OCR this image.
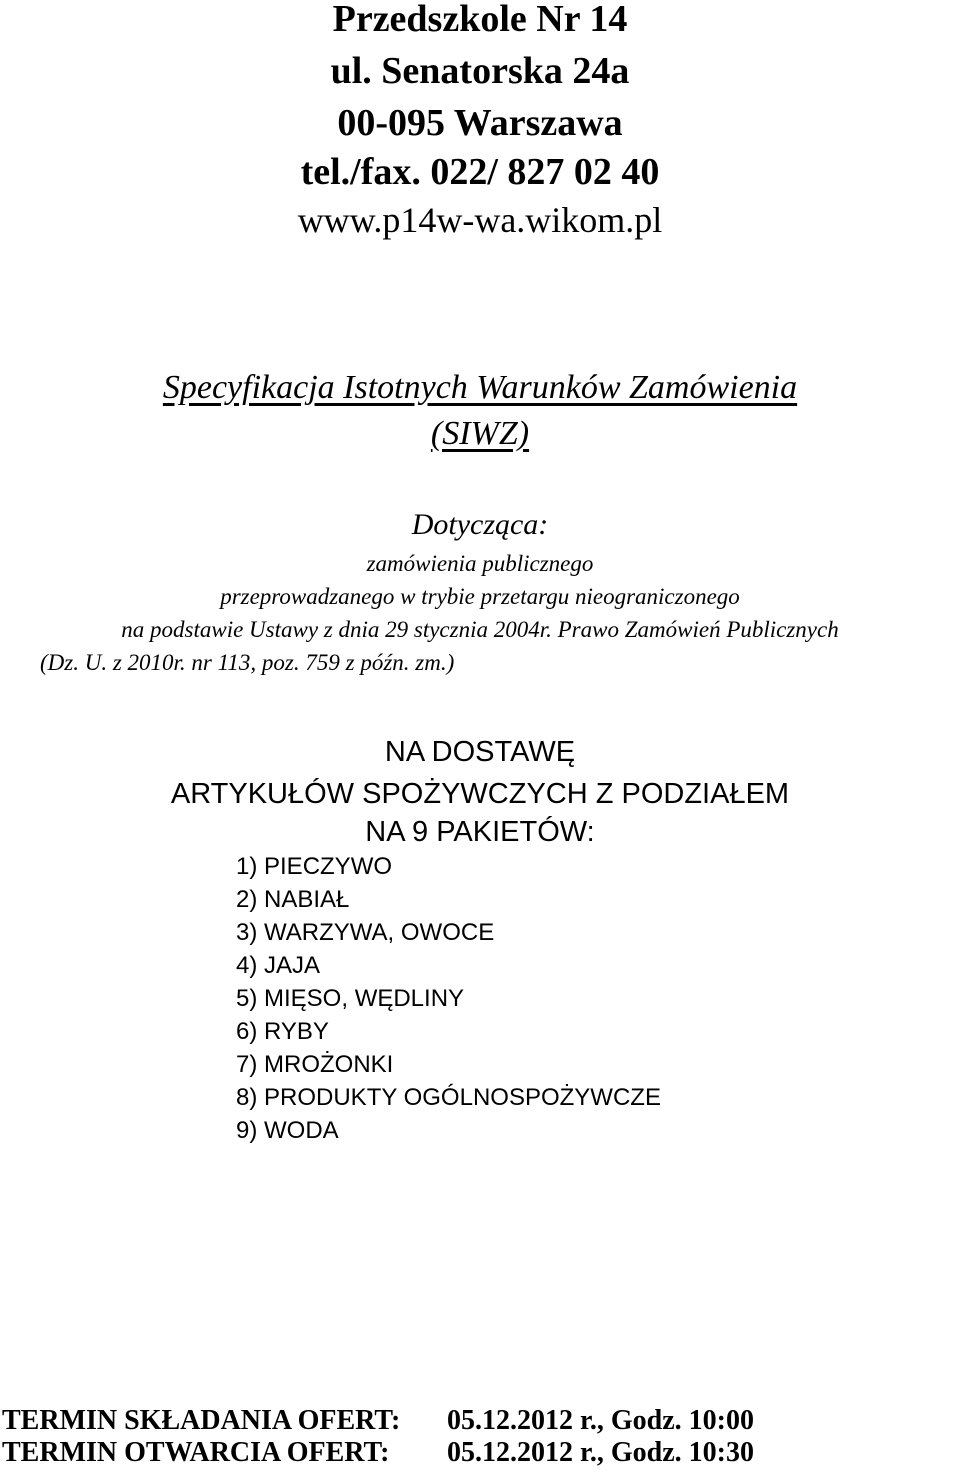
Przedszkole Nr 14
ul. Senatorska 24a
00-095 Warszawa
tel./fax. 022/ 827 02 40
www.p14w-wa.wikom.pl
Specyfikacja Istotnych Warunków Zamówienia
(SIWZ)
Dotycząca:
zamówienia publicznego
przeprowadzanego w trybie przetargu nieograniczonego
na podstawie Ustawy z dnia 29 stycznia 2004r. Prawo Zamówień Publicznych
(Dz. U. z 2010r. nr 113, poz. 759 z późn. zm.)
NA DOSTAWĘ
ARTYKUŁÓW SPOŻYWCZYCH Z PODZIAŁEM
NA 9 PAKIETÓW:
1) PIECZYWO
2) NABIAŁ
3) WARZYWA, OWOCE
4) JAJA
5) MIĘSO, WĘDLINY
6) RYBY
7) MROŻONKI
8) PRODUKTY OGÓLNOSPOŻYWCZE
9) WODA
TERMIN SKŁADANIA OFERT: 05.12.2012 r., Godz. 10:00
TERMIN OTWARCIA OFERT: 05.12.2012 r., Godz. 10:30
